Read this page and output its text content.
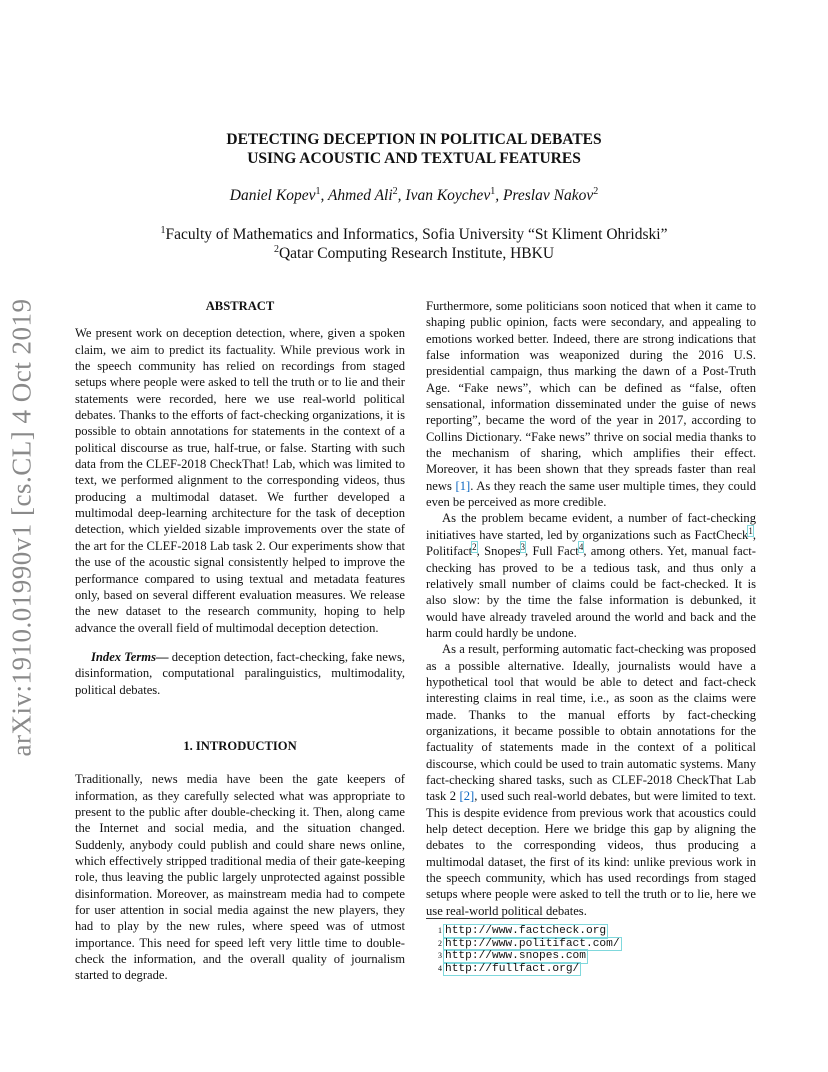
arXiv:1910.01990v1 [cs.CL] 4 Oct 2019
DETECTING DECEPTION IN POLITICAL DEBATES
USING ACOUSTIC AND TEXTUAL FEATURES
Daniel Kopev$^1$, Ahmed Ali$^2$, Ivan Koychev$^1$, Preslav Nakov$^2$
$^1$Faculty of Mathematics and Informatics, Sofia University “St Kliment Ohridski”
$^2$Qatar Computing Research Institute, HBKU
ABSTRACT

We present work on deception detection, where, given a spoken claim, we aim to predict its factuality. While previous work in the speech community has relied on recordings from staged setups where people were asked to tell the truth or to lie and their statements were recorded, here we use real-world political debates. Thanks to the efforts of fact-checking organizations, it is possible to obtain annotations for statements in the context of a political discourse as true, half-true, or false. Starting with such data from the CLEF-2018 CheckThat! Lab, which was limited to text, we performed alignment to the corresponding videos, thus producing a multimodal dataset. We further developed a multimodal deep-learning architecture for the task of deception detection, which yielded sizable improvements over the state of the art for the CLEF-2018 Lab task 2. Our experiments show that the use of the acoustic signal consistently helped to improve the performance compared to using textual and metadata features only, based on several different evaluation measures. We release the new dataset to the research community, hoping to help advance the overall field of multimodal deception detection.

Index Terms— deception detection, fact-checking, fake news, disinformation, computational paralinguistics, multimodality, political debates.

1. INTRODUCTION

Traditionally, news media have been the gate keepers of information, as they carefully selected what was appropriate to present to the public after double-checking it. Then, along came the Internet and social media, and the situation changed. Suddenly, anybody could publish and could share news online, which effectively stripped traditional media of their gate-keeping role, thus leaving the public largely unprotected against possible disinformation. Moreover, as mainstream media had to compete for user attention in social media against the new players, they had to play by the new rules, where speed was of utmost importance. This need for speed left very little time to double-check the information, and the overall quality of journalism started to degrade.

Furthermore, some politicians soon noticed that when it came to shaping public opinion, facts were secondary, and appealing to emotions worked better. Indeed, there are strong indications that false information was weaponized during the 2016 U.S. presidential campaign, thus marking the dawn of a Post-Truth Age. “Fake news”, which can be defined as “false, often sensational, information disseminated under the guise of news reporting”, became the word of the year in 2017, according to Collins Dictionary. “Fake news” thrive on social media thanks to the mechanism of sharing, which amplifies their effect. Moreover, it has been shown that they spreads faster than real news [1]. As they reach the same user multiple times, they could even be perceived as more credible.

As the problem became evident, a number of fact-checking initiatives have started, led by organizations such as FactCheck$^1$, Politifact$^2$, Snopes$^3$, Full Fact$^4$, among others. Yet, manual fact-checking has proved to be a tedious task, and thus only a relatively small number of claims could be fact-checked. It is also slow: by the time the false information is debunked, it would have already traveled around the world and back and the harm could hardly be undone.

As a result, performing automatic fact-checking was proposed as a possible alternative. Ideally, journalists would have a hypothetical tool that would be able to detect and fact-check interesting claims in real time, i.e., as soon as the claims were made. Thanks to the manual efforts by fact-checking organizations, it became possible to obtain annotations for the factuality of statements made in the context of a political discourse, which could be used to train automatic systems. Many fact-checking shared tasks, such as CLEF-2018 CheckThat Lab task 2 [2], used such real-world debates, but were limited to text. This is despite evidence from previous work that acoustics could help detect deception. Here we bridge this gap by aligning the debates to the corresponding videos, thus producing a multimodal dataset, the first of its kind: unlike previous work in the speech community, which has used recordings from staged setups where people were asked to tell the truth or to lie, here we use real-world political debates.

1 http://www.factcheck.org
2 http://www.politifact.com/
3 http://www.snopes.com
4 http://fullfact.org/
